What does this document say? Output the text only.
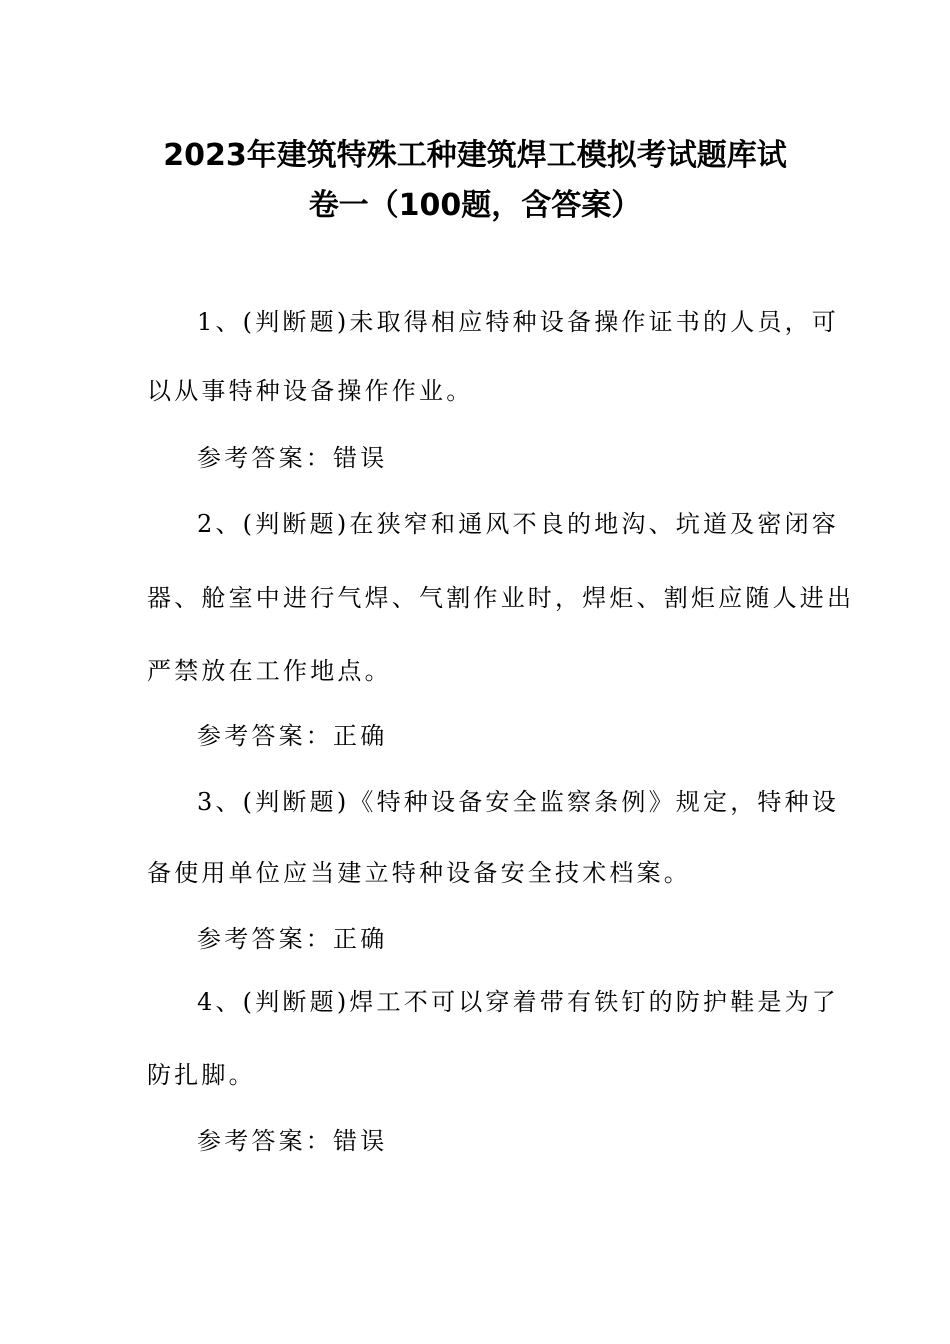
2023年建筑特殊工种建筑焊工模拟考试题库试
卷一（100题，含答案）
1、(判断题)未取得相应特种设备操作证书的人员，可
以从事特种设备操作作业。
参考答案：错误
2、(判断题)在狭窄和通风不良的地沟、坑道及密闭容
器、舱室中进行气焊、气割作业时，焊炬、割炬应随人进出
严禁放在工作地点。
参考答案：正确
3、(判断题)《特种设备安全监察条例》规定，特种设
备使用单位应当建立特种设备安全技术档案。
参考答案：正确
4、(判断题)焊工不可以穿着带有铁钉的防护鞋是为了
防扎脚。
参考答案：错误
